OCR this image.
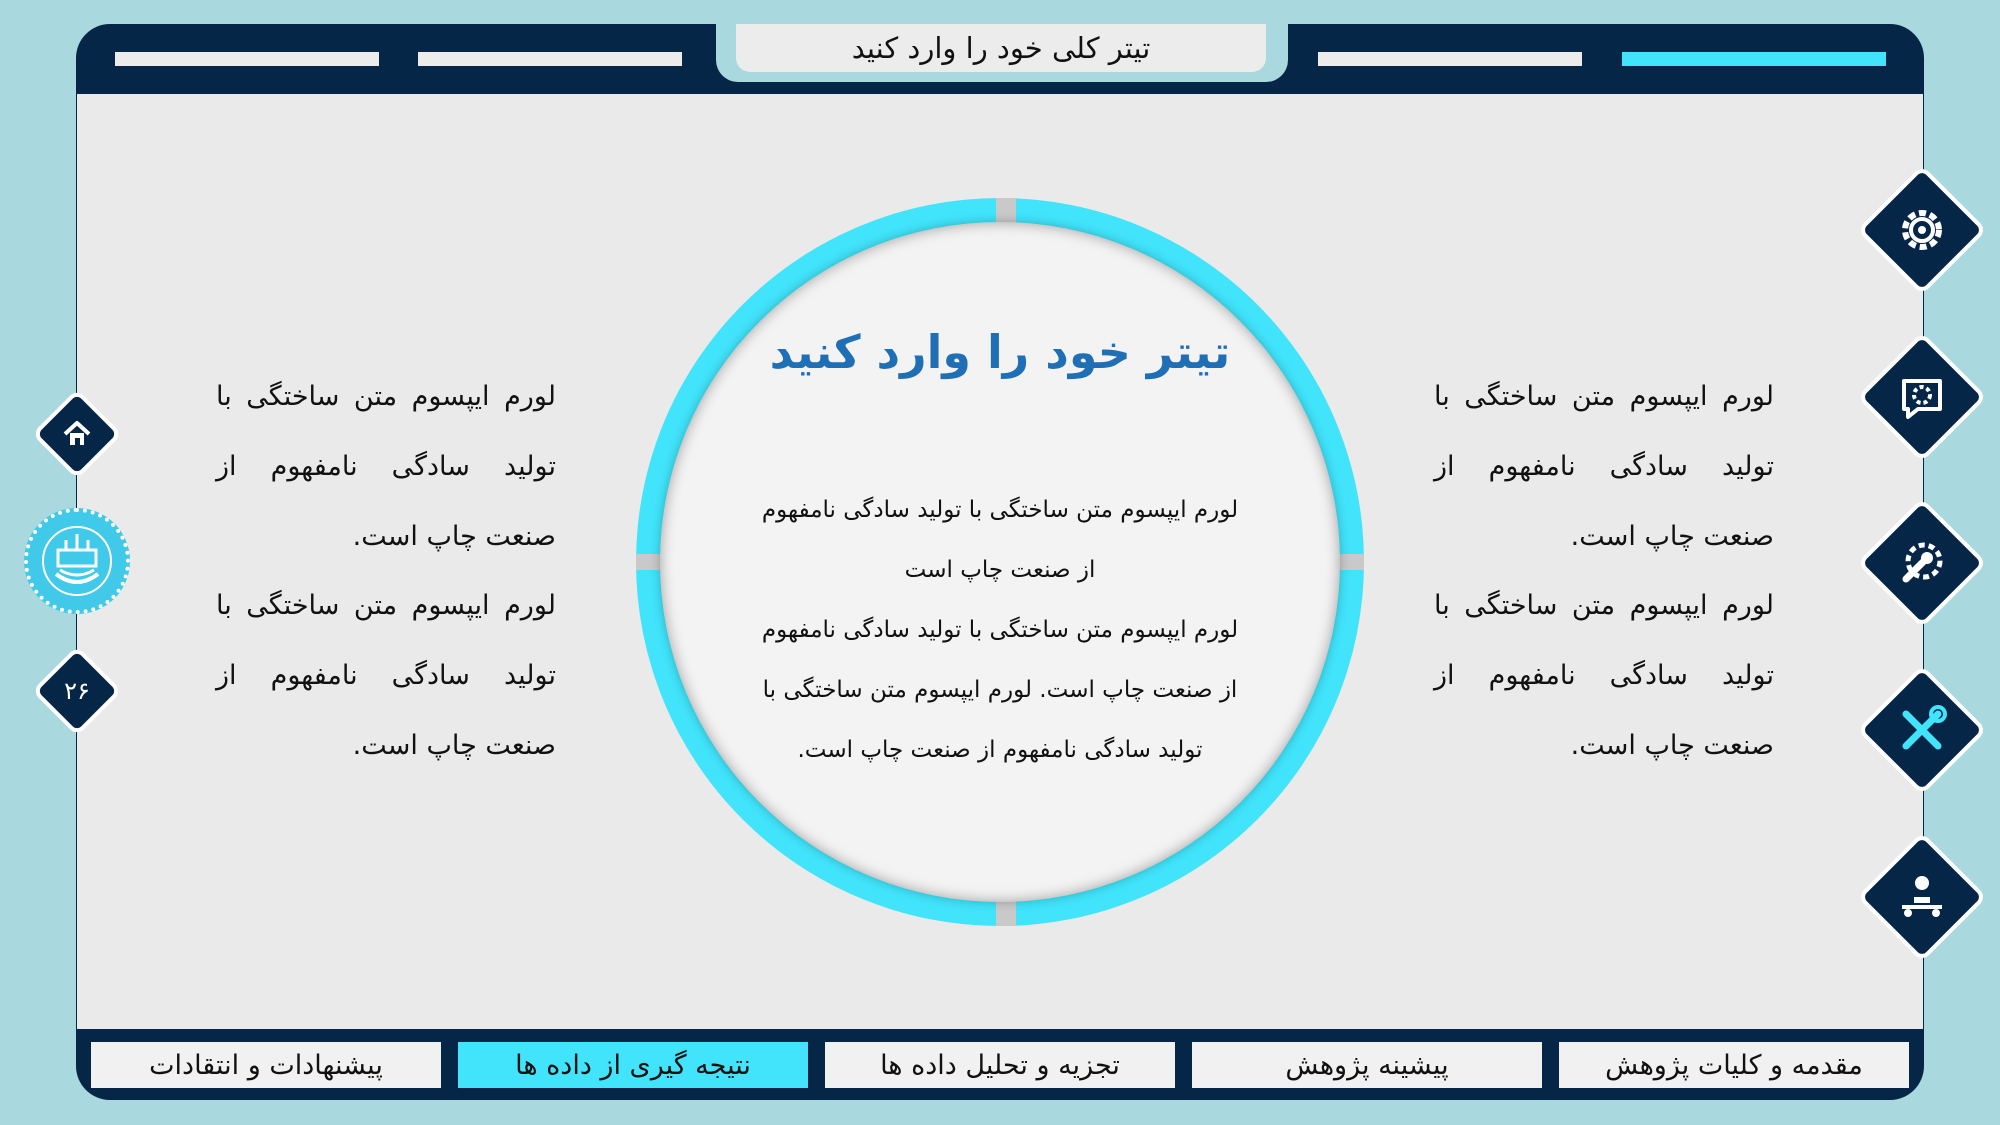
تیتر کلی خود را وارد کنید
تیتر خود را وارد کنید
لورم ایپسوم متن ساختگی با تولید سادگی نامفهوم
از صنعت چاپ است
لورم ایپسوم متن ساختگی با تولید سادگی نامفهوم
از صنعت چاپ است. لورم ایپسوم متن ساختگی با
تولید سادگی نامفهوم از صنعت چاپ است.
لورم ایپسوم متن ساختگی با تولید سادگی نامفهوم از صنعت چاپ است.
لورم ایپسوم متن ساختگی با تولید سادگی نامفهوم از صنعت چاپ است.
لورم ایپسوم متن ساختگی با تولید سادگی نامفهوم از صنعت چاپ است.
لورم ایپسوم متن ساختگی با تولید سادگی نامفهوم از صنعت چاپ است.
۲۶
مقدمه و کلیات پژوهش
پیشینه پژوهش
تجزیه و تحلیل داده ها
نتیجه گیری از داده ها
پیشنهادات و انتقادات
